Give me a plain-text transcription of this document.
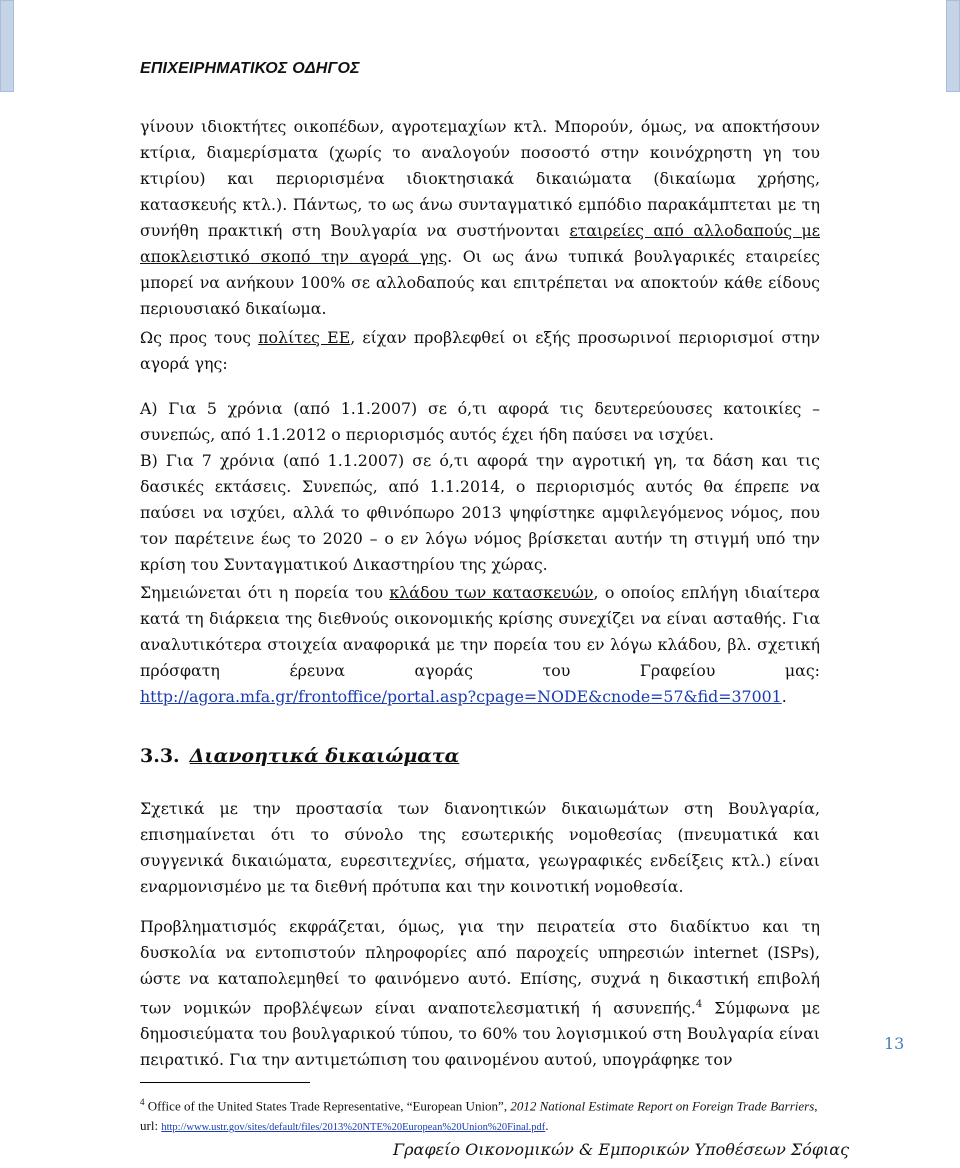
ΕΠΙΧΕΙΡΗΜΑΤΙΚΟΣ ΟΔΗΓΟΣ

γίνουν ιδιοκτήτες οικοπέδων, αγροτεμαχίων κτλ. Μπορούν, όμως, να αποκτήσουν κτίρια, διαμερίσματα (χωρίς το αναλογούν ποσοστό στην κοινόχρηστη γη του κτιρίου) και περιορισμένα ιδιοκτησιακά δικαιώματα (δικαίωμα χρήσης, κατασκευής κτλ.). Πάντως, το ως άνω συνταγματικό εμπόδιο παρακάμπτεται με τη συνήθη πρακτική στη Βουλγαρία να συστήνονται εταιρείες από αλλοδαπούς με αποκλειστικό σκοπό την αγορά γης. Οι ως άνω τυπικά βουλγαρικές εταιρείες μπορεί να ανήκουν 100% σε αλλοδαπούς και επιτρέπεται να αποκτούν κάθε είδους περιουσιακό δικαίωμα.

Ως προς τους πολίτες ΕΕ, είχαν προβλεφθεί οι εξής προσωρινοί περιορισμοί στην αγορά γης:

Α) Για 5 χρόνια (από 1.1.2007) σε ό,τι αφορά τις δευτερεύουσες κατοικίες – συνεπώς, από 1.1.2012 ο περιορισμός αυτός έχει ήδη παύσει να ισχύει.

Β) Για 7 χρόνια (από 1.1.2007) σε ό,τι αφορά την αγροτική γη, τα δάση και τις δασικές εκτάσεις. Συνεπώς, από 1.1.2014, ο περιορισμός αυτός θα έπρεπε να παύσει να ισχύει, αλλά το φθινόπωρο 2013 ψηφίστηκε αμφιλεγόμενος νόμος, που τον παρέτεινε έως το 2020 – ο εν λόγω νόμος βρίσκεται αυτήν τη στιγμή υπό την κρίση του Συνταγματικού Δικαστηρίου της χώρας.

Σημειώνεται ότι η πορεία του κλάδου των κατασκευών, ο οποίος επλήγη ιδιαίτερα κατά τη διάρκεια της διεθνούς οικονομικής κρίσης συνεχίζει να είναι ασταθής. Για αναλυτικότερα στοιχεία αναφορικά με την πορεία του εν λόγω κλάδου, βλ. σχετική πρόσφατη έρευνα αγοράς του Γραφείου μας: http://agora.mfa.gr/frontoffice/portal.asp?cpage=NODE&cnode=57&fid=37001.

3.3. Διανοητικά δικαιώματα

Σχετικά με την προστασία των διανοητικών δικαιωμάτων στη Βουλγαρία, επισημαίνεται ότι το σύνολο της εσωτερικής νομοθεσίας (πνευματικά και συγγενικά δικαιώματα, ευρεσιτεχνίες, σήματα, γεωγραφικές ενδείξεις κτλ.) είναι εναρμονισμένο με τα διεθνή πρότυπα και την κοινοτική νομοθεσία.

Προβληματισμός εκφράζεται, όμως, για την πειρατεία στο διαδίκτυο και τη δυσκολία να εντοπιστούν πληροφορίες από παροχείς υπηρεσιών internet (ISPs), ώστε να καταπολεμηθεί το φαινόμενο αυτό. Επίσης, συχνά η δικαστική επιβολή των νομικών προβλέψεων είναι αναποτελεσματική ή ασυνεπής.$^4$ Σύμφωνα με δημοσιεύματα του βουλγαρικού τύπου, το 60% του λογισμικού στη Βουλγαρία είναι πειρατικό. Για την αντιμετώπιση του φαινομένου αυτού, υπογράφηκε τον

13
$^4$ Office of the United States Trade Representative, “European Union”, 2012 National Estimate Report on Foreign Trade Barriers, url: http://www.ustr.gov/sites/default/files/2013%20NTE%20European%20Union%20Final.pdf.
Γραφείο Οικονομικών & Εμπορικών Υποθέσεων Σόφιας
